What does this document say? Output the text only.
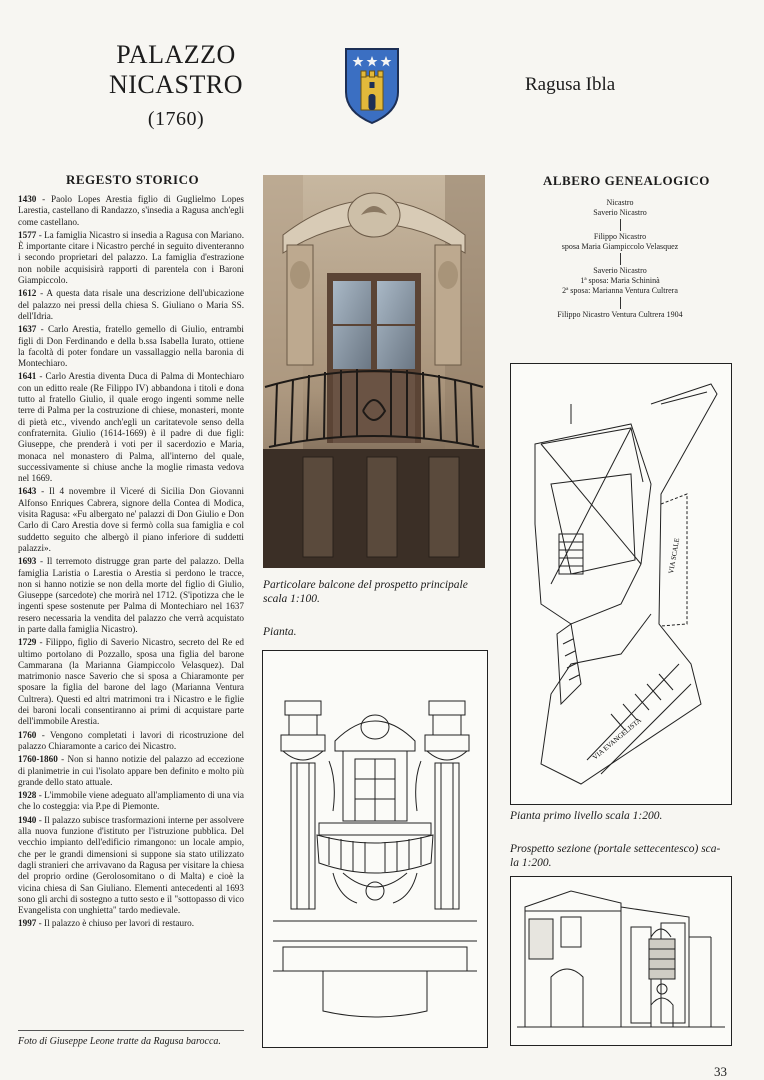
PALAZZO
NICASTRO
(1760)
Ragusa Ibla
REGESTO STORICO

1430 - Paolo Lopes Arestia figlio di Guglielmo Lopes Larestia, castellano di Randazzo, s'insedia a Ragusa anch'egli come castellano.

1577 - La famiglia Nicastro si insedia a Ragusa con Mariano. È importante citare i Nicastro perché in seguito diventeranno i secondo proprietari del palazzo. La famiglia d'estrazione non nobile acquisisirà rapporti di parentela con i Baroni Giampiccolo.

1612 - A questa data risale una descrizione dell'ubicazione del palazzo nei pressi della chiesa S. Giuliano o Maria SS. dell'Idria.

1637 - Carlo Arestia, fratello gemello di Giulio, entrambi figli di Don Ferdinando e della b.ssa Isabella Iurato, ottiene la facoltà di poter fondare un vassallaggio nella baronia di Montechiaro.

1641 - Carlo Arestia diventa Duca di Palma di Montechiaro con un editto reale (Re Filippo IV) abbandona i titoli e dona tutto al fratello Giulio, il quale erogo ingenti somme nelle terre di Palma per la costruzione di chiese, monasteri, monte di pietà etc., vivendo anch'egli un caritatevole senso della confraternita. Giulio (1614-1669) è il padre di due figli: Giuseppe, che prenderà i voti per il sacerdozio e Maria, monaca nel monastero di Palma, all'interno del quale, successivamente si chiuse anche la moglie rimasta vedova nel 1669.

1643 - Il 4 novembre il Viceré di Sicilia Don Giovanni Alfonso Enriques Cabrera, signore della Contea di Modica, visita Ragusa: «Fu albergato ne' palazzi di Don Giulio e Don Carlo di Caro Arestia dove si fermò colla sua famiglia e col suddetto seguito che albergò il piano inferiore di suddetti palazzi».

1693 - Il terremoto distrugge gran parte del palazzo. Della famiglia Laristia o Larestia o Arestia si perdono le tracce, non si hanno notizie se non della morte del figlio di Giulio, Giuseppe (sarcedote) che morirà nel 1712. (S'ipotizza che le ingenti spese sostenute per Palma di Montechiaro nel 1637 resero necessaria la vendita del palazzo che verrà acquistato in parte dalla famiglia Nicastro).

1729 - Filippo, figlio di Saverio Nicastro, secreto del Re ed ultimo portolano di Pozzallo, sposa una figlia del barone Cammarana (la Marianna Giampiccolo Velasquez). Dal matrimonio nasce Saverio che si sposa a Chiaramonte per sposare la figlia del barone del lago (Marianna Ventura Cultrera). Questi ed altri matrimoni tra i Nicastro e le figlie dei baroni locali consentiranno ai primi di acquistare parte dell'immobile Arestia.

1760 - Vengono completati i lavori di ricostruzione del palazzo Chiaramonte a carico dei Nicastro.

1760-1860 - Non si hanno notizie del palazzo ad eccezione di planimetrie in cui l'isolato appare ben definito e molto più grande dello stato attuale.

1928 - L'immobile viene adeguato all'ampliamento di una via che lo costeggia: via P.pe di Piemonte.

1940 - Il palazzo subisce trasformazioni interne per assolvere alla nuova funzione d'istituto per l'istruzione pubblica. Del vecchio impianto dell'edificio rimangono: un locale ampio, che per le grandi dimensioni si suppone sia stato utilizzato dagli stranieri che arrivavano da Ragusa per visitare la chiesa del proprio ordine (Gerolosomitano o di Malta) e cioè la vicina chiesa di San Giuliano. Elementi antecedenti al 1693 sono gli archi di sostegno a tutto sesto e il "sottopasso di vico Evangelista con unghietta" tardo medievale.

1997 - Il palazzo è chiuso per lavori di restauro.

Foto di Giuseppe Leone tratte da Ragusa barocca.
Particolare balcone del prospetto principale
scala 1:100.
Pianta.
ALBERO GENEALOGICO
Nicastro
Saverio Nicastro
Filippo Nicastro
sposa Maria Giampiccolo Velasquez
Saverio Nicastro
1ª sposa: Maria Schininà
2ª sposa: Marianna Ventura Cultrera
Filippo Nicastro Ventura Cultrera 1904
VIA SCALE
VIA EVANGELISTA
Pianta primo livello scala 1:200.
Prospetto sezione (portale settecentesco) sca-
la 1:200.
33
